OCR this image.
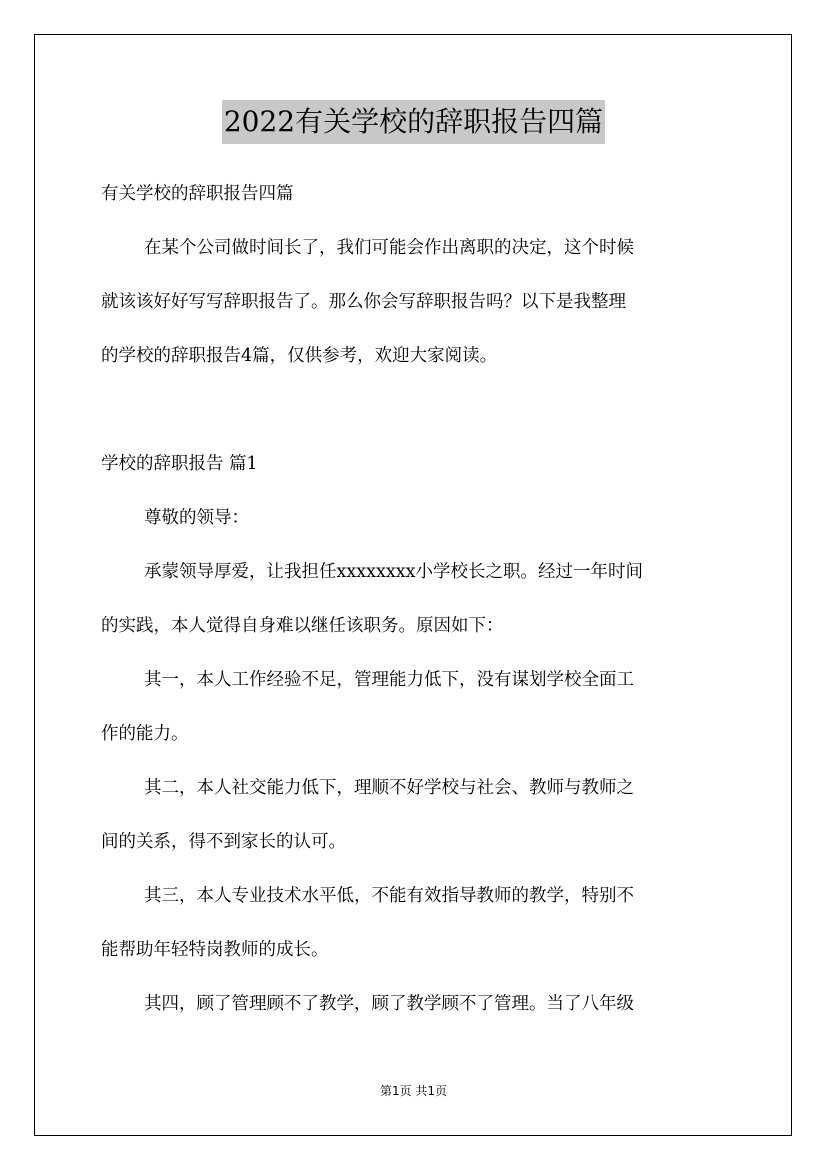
2022有关学校的辞职报告四篇
有关学校的辞职报告四篇
在某个公司做时间长了，我们可能会作出离职的决定，这个时候
就该该好好写写辞职报告了。那么你会写辞职报告吗？以下是我整理
的学校的辞职报告4篇，仅供参考，欢迎大家阅读。
学校的辞职报告 篇1
尊敬的领导：
承蒙领导厚爱，让我担任xxxxxxxx小学校长之职。经过一年时间
的实践，本人觉得自身难以继任该职务。原因如下：
其一，本人工作经验不足，管理能力低下，没有谋划学校全面工
作的能力。
其二，本人社交能力低下，理顺不好学校与社会、教师与教师之
间的关系，得不到家长的认可。
其三，本人专业技术水平低，不能有效指导教师的教学，特别不
能帮助年轻特岗教师的成长。
其四，顾了管理顾不了教学，顾了教学顾不了管理。当了八年级
第1页 共1页
